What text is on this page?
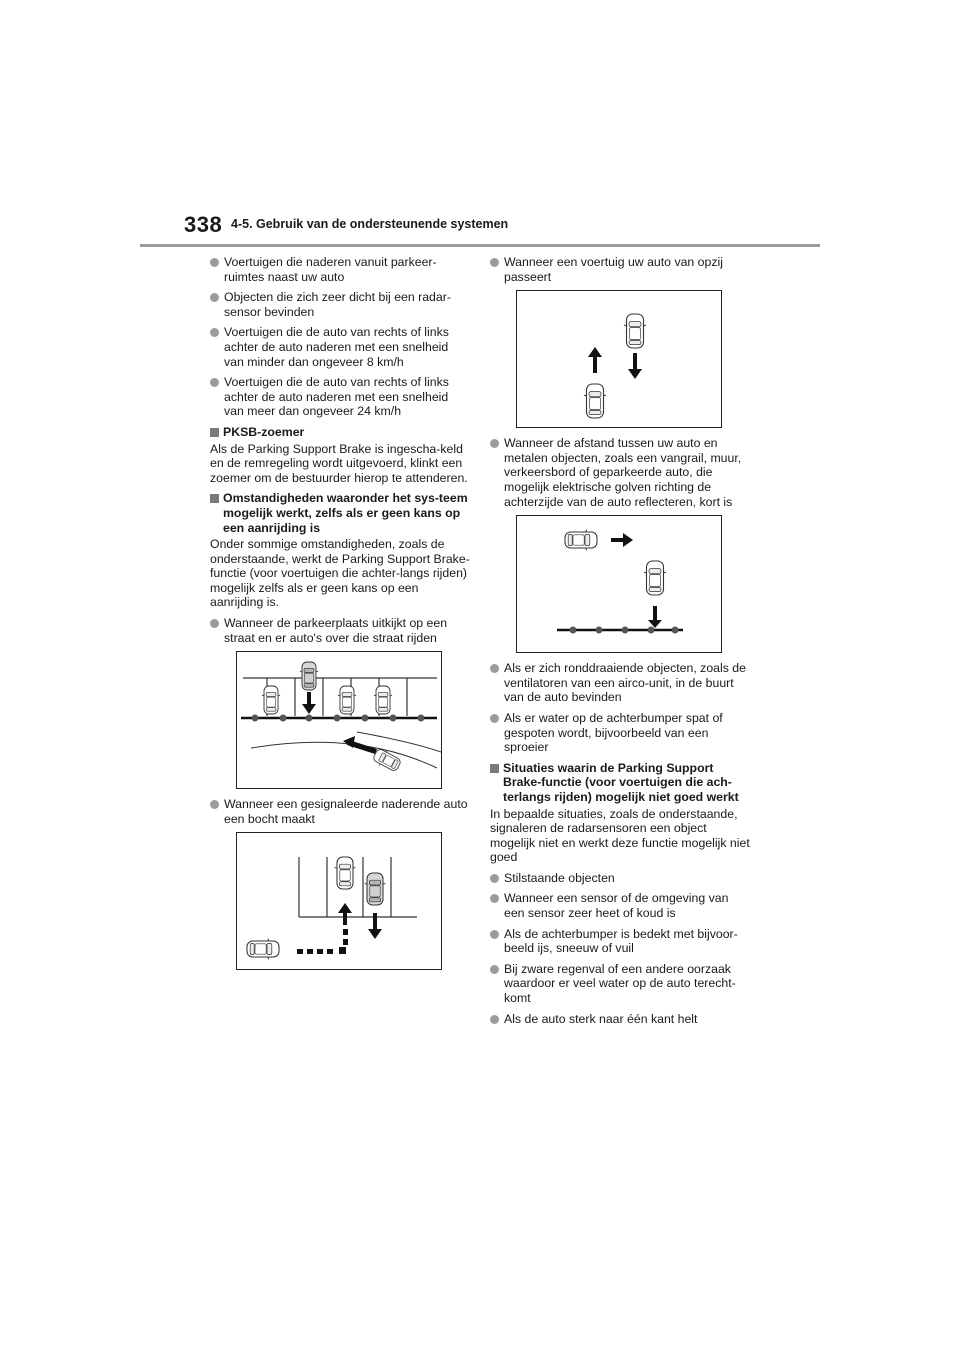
338 4-5. Gebruik van de ondersteunende systemen
Voertuigen die naderen vanuit parkeer-ruimtes naast uw auto
Objecten die zich zeer dicht bij een radar-sensor bevinden
Voertuigen die de auto van rechts of links achter de auto naderen met een snelheid van minder dan ongeveer 8 km/h
Voertuigen die de auto van rechts of links achter de auto naderen met een snelheid van meer dan ongeveer 24 km/h
PKSB-zoemer
Als de Parking Support Brake is ingescha-keld en de remregeling wordt uitgevoerd, klinkt een zoemer om de bestuurder hierop te attenderen.
Omstandigheden waaronder het sys-teem mogelijk werkt, zelfs als er geen kans op een aanrijding is
Onder sommige omstandigheden, zoals de onderstaande, werkt de Parking Support Brake-functie (voor voertuigen die achter-langs rijden) mogelijk zelfs als er geen kans op een aanrijding is.
Wanneer de parkeerplaats uitkijkt op een straat en er auto's over die straat rijden
Wanneer een gesignaleerde naderende auto een bocht maakt
Wanneer een voertuig uw auto van opzij passeert
Wanneer de afstand tussen uw auto en metalen objecten, zoals een vangrail, muur, verkeersbord of geparkeerde auto, die mogelijk elektrische golven richting de achterzijde van de auto reflecteren, kort is
Als er zich ronddraaiende objecten, zoals de ventilatoren van een airco-unit, in de buurt van de auto bevinden
Als er water op de achterbumper spat of gespoten wordt, bijvoorbeeld van een sproeier
Situaties waarin de Parking Support Brake-functie (voor voertuigen die ach-terlangs rijden) mogelijk niet goed werkt
In bepaalde situaties, zoals de onderstaande, signaleren de radarsensoren een object mogelijk niet en werkt deze functie mogelijk niet goed
Stilstaande objecten
Wanneer een sensor of de omgeving van een sensor zeer heet of koud is
Als de achterbumper is bedekt met bijvoor-beeld ijs, sneeuw of vuil
Bij zware regenval of een andere oorzaak waardoor er veel water op de auto terecht-komt
Als de auto sterk naar één kant helt
